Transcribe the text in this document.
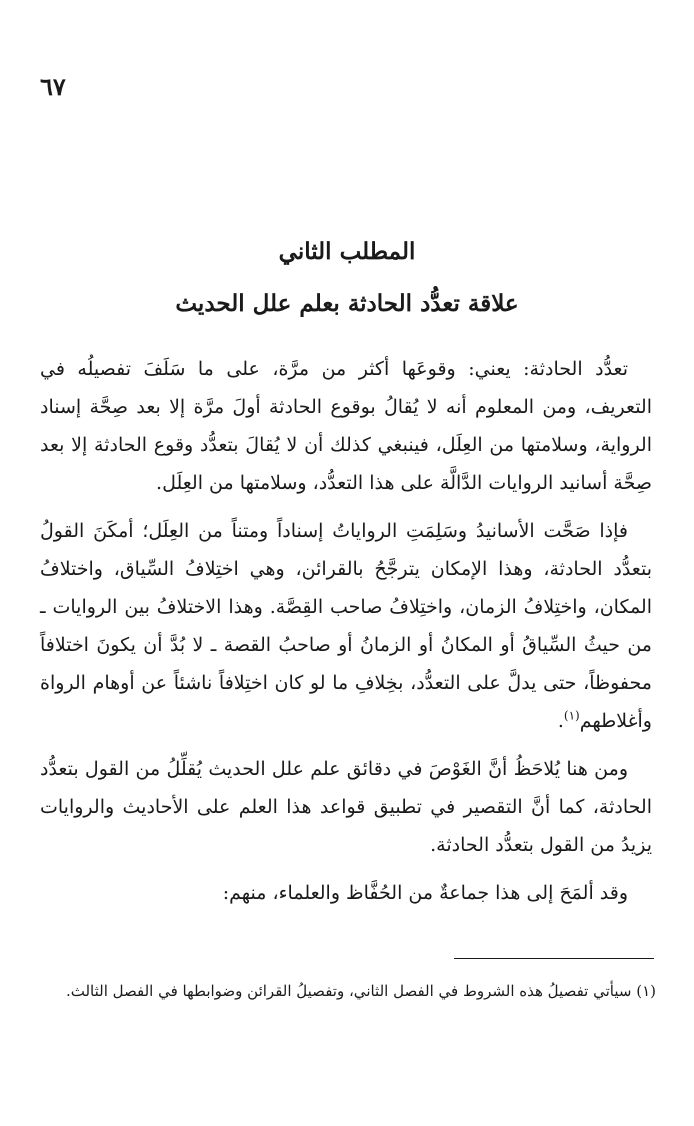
٦٧

المطلب الثاني

علاقة تعدُّد الحادثة بعلم علل الحديث

تعدُّد الحادثة: يعني: وقوعَها أكثر من مرَّة، على ما سَلَفَ تفصيلُه في التعريف، ومن المعلوم أنه لا يُقالُ بوقوع الحادثة أولَ مرَّة إلا بعد صِحَّة إسناد الرواية، وسلامتها من العِلَل، فينبغي كذلك أن لا يُقالَ بتعدُّد وقوع الحادثة إلا بعد صِحَّة أسانيد الروايات الدَّالَّة على هذا التعدُّد، وسلامتها من العِلَل.

فإذا صَحَّت الأسانيدُ وسَلِمَتِ الرواياتُ إسناداً ومتناً من العِلَل؛ أمكَنَ القولُ بتعدُّد الحادثة، وهذا الإمكان يترجَّحُ بالقرائن، وهي اختِلافُ السِّياق، واختلافُ المكان، واختِلافُ الزمان، واختِلافُ صاحب القِصَّة. وهذا الاختلافُ بين الروايات ـ من حيثُ السِّياقُ أو المكانُ أو الزمانُ أو صاحبُ القصة ـ لا بُدَّ أن يكونَ اختلافاً محفوظاً، حتى يدلَّ على التعدُّد، بخِلافِ ما لو كان اختِلافاً ناشئاً عن أوهام الرواة وأغلاطهم$^{(١)}$.

ومن هنا يُلاحَظُ أنَّ الغَوْصَ في دقائق علم علل الحديث يُقلِّلُ من القول بتعدُّد الحادثة، كما أنَّ التقصير في تطبيق قواعد هذا العلم على الأحاديث والروايات يزيدُ من القول بتعدُّد الحادثة.

وقد ألمَحَ إلى هذا جماعةٌ من الحُفَّاظ والعلماء، منهم:

(١) سيأتي تفصيلُ هذه الشروط في الفصل الثاني، وتفصيلُ القرائن وضوابطها في الفصل الثالث.
